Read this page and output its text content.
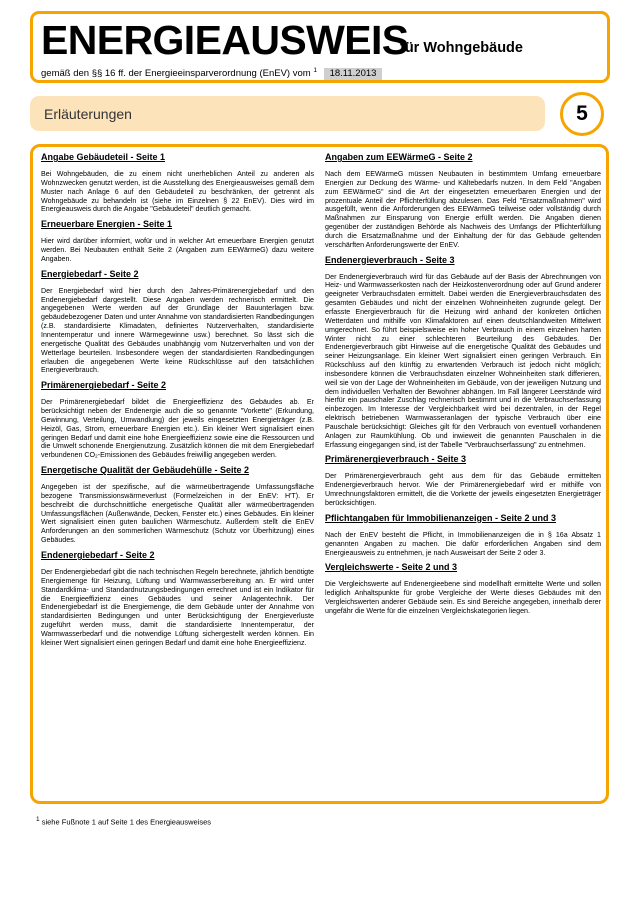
ENERGIEAUSWEIS
für Wohngebäude
gemäß den §§ 16 ff. der Energieeinsparverordnung (EnEV) vom $^1$ 18.11.2013
Erläuterungen	5
Angabe Gebäudeteil - Seite 1

Bei Wohngebäuden, die zu einem nicht unerheblichen Anteil zu anderen als Wohnzwecken genutzt werden, ist die Ausstellung des Energieausweises gemäß dem Muster nach Anlage 6 auf den Gebäudeteil zu beschränken, der getrennt als Wohngebäude zu behandeln ist (siehe im Einzelnen § 22 EnEV). Dies wird im Energieausweis durch die Angabe "Gebäudeteil" deutlich gemacht.

Erneuerbare Energien - Seite 1

Hier wird darüber informiert, wofür und in welcher Art erneuerbare Energien genutzt werden. Bei Neubauten enthält Seite 2 (Angaben zum EEWärmeG) dazu weitere Angaben.

Energiebedarf - Seite 2

Der Energiebedarf wird hier durch den Jahres-Primärenergiebedarf und den Endenergiebedarf dargestellt. Diese Angaben werden rechnerisch ermittelt. Die angegebenen Werte werden auf der Grundlage der Bauunterlagen bzw. gebäudebezogener Daten und unter Annahme von standardisierten Randbedingungen (z.B. standardisierte Klimadaten, definiertes Nutzerverhalten, standardisierte Innentemperatur und innere Wärmegewinne usw.) berechnet. So lässt sich die energetische Qualität des Gebäudes unabhängig vom Nutzerverhalten und von der Wetterlage beurteilen. Insbesondere wegen der standardisierten Randbedingungen erlauben die angegebenen Werte keine Rückschlüsse auf den tatsächlichen Energieverbrauch.

Primärenergiebedarf - Seite 2

Der Primärenergiebedarf bildet die Energieeffizienz des Gebäudes ab. Er berücksichtigt neben der Endenergie auch die so genannte "Vorkette" (Erkundung, Gewinnung, Verteilung, Umwandlung) der jeweils eingesetzten Energieträger (z.B. Heizöl, Gas, Strom, erneuerbare Energien etc.). Ein kleiner Wert signalisiert einen geringen Bedarf und damit eine hohe Energieeffizienz sowie eine die Ressourcen und die Umwelt schonende Energienutzung. Zusätzlich können die mit dem Energiebedarf verbundenen CO₂-Emissionen des Gebäudes freiwillig angegeben werden.

Energetische Qualität der Gebäudehülle - Seite 2

Angegeben ist der spezifische, auf die wärmeübertragende Umfassungsfläche bezogene Transmissionswärmeverlust (Formelzeichen in der EnEV: H'T). Er beschreibt die durchschnittliche energetische Qualität aller wärmeübertragenden Umfassungsflächen (Außenwände, Decken, Fenster etc.) eines Gebäudes. Ein kleiner Wert signalisiert einen guten baulichen Wärmeschutz. Außerdem stellt die EnEV Anforderungen an den sommerlichen Wärmeschutz (Schutz vor Überhitzung) eines Gebäudes.

Endenergiebedarf - Seite 2

Der Endenergiebedarf gibt die nach technischen Regeln berechnete, jährlich benötigte Energiemenge für Heizung, Lüftung und Warmwasserbereitung an. Er wird unter Standardklima- und Standardnutzungsbedingungen errechnet und ist ein Indikator für die Energieeffizienz eines Gebäudes und seiner Anlagentechnik. Der Endenergiebedarf ist die Energiemenge, die dem Gebäude unter der Annahme von standardisierten Bedingungen und unter Berücksichtigung der Energieverluste zugeführt werden muss, damit die standardisierte Innentemperatur, der Warmwasserbedarf und die notwendige Lüftung sichergestellt werden können. Ein kleiner Wert signalisiert einen geringen Bedarf und damit eine hohe Energieeffizienz.

Angaben zum EEWärmeG - Seite 2

Nach dem EEWärmeG müssen Neubauten in bestimmtem Umfang erneuerbare Energien zur Deckung des Wärme- und Kältebedarfs nutzen. In dem Feld "Angaben zum EEWärmeG" sind die Art der eingesetzten erneuerbaren Energien und der prozentuale Anteil der Pflichterfüllung abzulesen. Das Feld "Ersatzmaßnahmen" wird ausgefüllt, wenn die Anforderungen des EEWärmeG teilweise oder vollständig durch Maßnahmen zur Einsparung von Energie erfüllt werden. Die Angaben dienen gegenüber der zuständigen Behörde als Nachweis des Umfangs der Pflichterfüllung durch die Ersatzmaßnahme und der Einhaltung der für das Gebäude geltenden verschärften Anforderungswerte der EnEV.

Endenergieverbrauch - Seite 3

Der Endenergieverbrauch wird für das Gebäude auf der Basis der Abrechnungen von Heiz- und Warmwasserkosten nach der Heizkostenverordnung oder auf Grund anderer geeigneter Verbrauchsdaten ermittelt. Dabei werden die Energieverbrauchsdaten des gesamten Gebäudes und nicht der einzelnen Wohneinheiten zugrunde gelegt. Der erfasste Energieverbrauch für die Heizung wird anhand der konkreten örtlichen Wetterdaten und mithilfe von Klimafaktoren auf einen deutschlandweiten Mittelwert umgerechnet. So führt beispielsweise ein hoher Verbrauch in einem einzelnen harten Winter nicht zu einer schlechteren Beurteilung des Gebäudes. Der Endenergieverbrauch gibt Hinweise auf die energetische Qualität des Gebäudes und seiner Heizungsanlage. Ein kleiner Wert signalisiert einen geringen Verbrauch. Ein Rückschluss auf den künftig zu erwartenden Verbrauch ist jedoch nicht möglich; insbesondere können die Verbrauchsdaten einzelner Wohneinheiten stark differieren, weil sie von der Lage der Wohneinheiten im Gebäude, von der jeweiligen Nutzung und dem individuellen Verhalten der Bewohner abhängen. Im Fall längerer Leerstände wird hierfür ein pauschaler Zuschlag rechnerisch bestimmt und in die Verbrauchserfassung einbezogen. Im Interesse der Vergleichbarkeit wird bei dezentralen, in der Regel elektrisch betriebenen Warmwasseranlagen der typische Verbrauch über eine Pauschale berücksichtigt: Gleiches gilt für den Verbrauch von eventuell vorhandenen Anlagen zur Raumkühlung. Ob und inwieweit die genannten Pauschalen in die Erfassung eingegangen sind, ist der Tabelle "Verbrauchserfassung" zu entnehmen.

Primärenergieverbrauch - Seite 3

Der Primärenergieverbrauch geht aus dem für das Gebäude ermittelten Endenergieverbrauch hervor. Wie der Primärenergiebedarf wird er mithilfe von Umrechnungsfaktoren ermittelt, die die Vorkette der jeweils eingesetzten Energieträger berücksichtigen.

Pflichtangaben für Immobilienanzeigen - Seite 2 und 3

Nach der EnEV besteht die Pflicht, in Immobilienanzeigen die in § 16a Absatz 1 genannten Angaben zu machen. Die dafür erforderlichen Angaben sind dem Energieausweis zu entnehmen, je nach Ausweisart der Seite 2 oder 3.

Vergleichswerte - Seite 2 und 3

Die Vergleichswerte auf Endenergieebene sind modellhaft ermittelte Werte und sollen lediglich Anhaltspunkte für grobe Vergleiche der Werte dieses Gebäudes mit den Vergleichswerten anderer Gebäude sein. Es sind Bereiche angegeben, innerhalb derer ungefähr die Werte für die einzelnen Vergleichskategorien liegen.

1 siehe Fußnote 1 auf Seite 1 des Energieausweises
